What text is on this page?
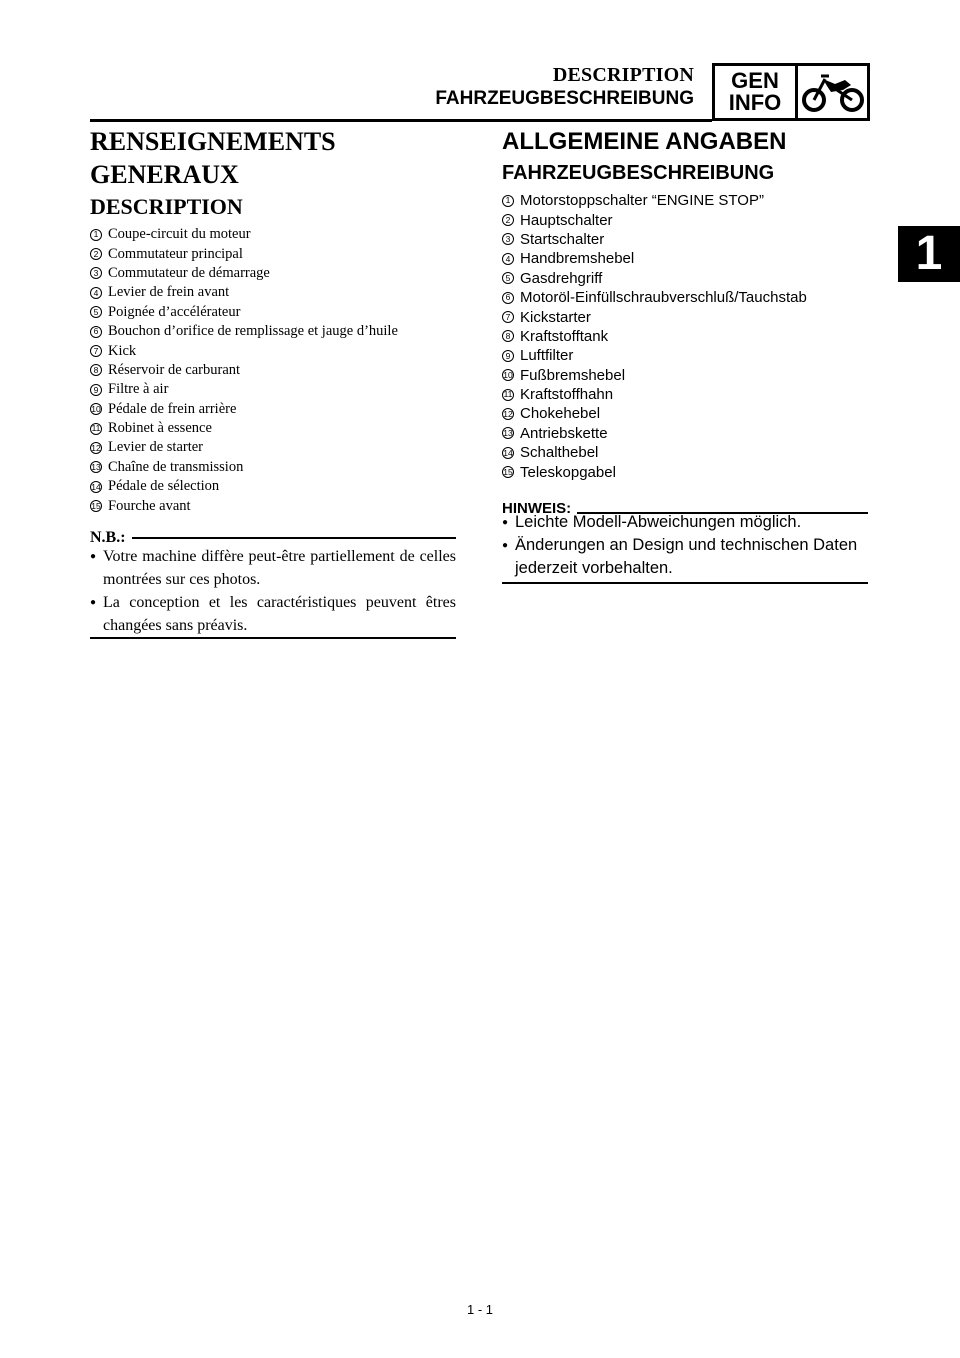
DESCRIPTION
FAHRZEUGBESCHREIBUNG
GEN
INFO
1
RENSEIGNEMENTS
GENERAUX
DESCRIPTION
1 Coupe-circuit du moteur
2 Commutateur principal
3 Commutateur de démarrage
4 Levier de frein avant
5 Poignée d’accélérateur
6 Bouchon d’orifice de remplissage et jauge d’huile
7 Kick
8 Réservoir de carburant
9 Filtre à air
10 Pédale de frein arrière
11 Robinet à essence
12 Levier de starter
13 Chaîne de transmission
14 Pédale de sélection
15 Fourche avant
N.B.:
● Votre machine diffère peut-être partiellement de celles montrées sur ces photos.
● La conception et les caractéristiques peuvent êtres changées sans préavis.
ALLGEMEINE ANGABEN
FAHRZEUGBESCHREIBUNG
1 Motorstoppschalter “ENGINE STOP”
2 Hauptschalter
3 Startschalter
4 Handbremshebel
5 Gasdrehgriff
6 Motoröl-Einfüllschraubverschluß/Tauchstab
7 Kickstarter
8 Kraftstofftank
9 Luftfilter
10 Fußbremshebel
11 Kraftstoffhahn
12 Chokehebel
13 Antriebskette
14 Schalthebel
15 Teleskopgabel
HINWEIS:
● Leichte Modell-Abweichungen möglich.
● Änderungen an Design und technischen Daten jederzeit vorbehalten.
1 - 1
